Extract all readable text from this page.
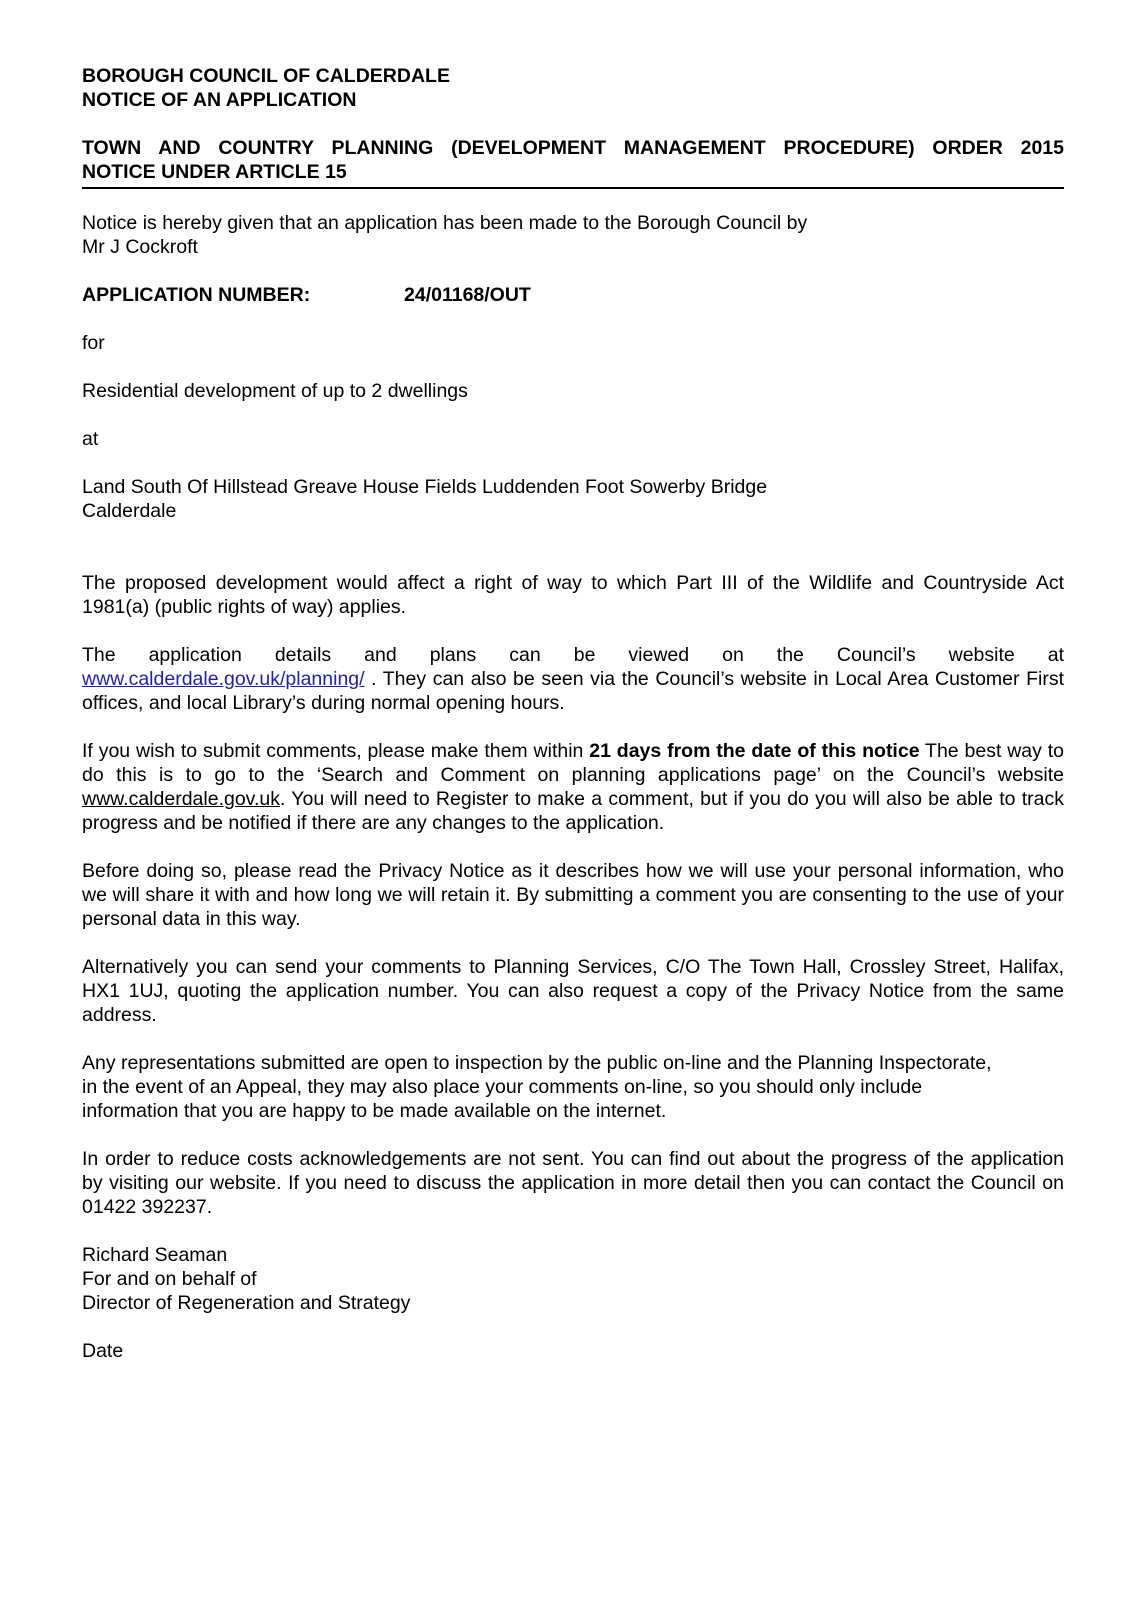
BOROUGH COUNCIL OF CALDERDALE
NOTICE OF AN APPLICATION
TOWN AND COUNTRY PLANNING (DEVELOPMENT MANAGEMENT PROCEDURE) ORDER 2015
NOTICE UNDER ARTICLE 15

Notice is hereby given that an application has been made to the Borough Council by
Mr J Cockroft

APPLICATION NUMBER:	24/01168/OUT

for

Residential development of up to 2 dwellings

at

Land South Of Hillstead Greave House Fields Luddenden Foot Sowerby Bridge
Calderdale

The proposed development would affect a right of way to which Part III of the Wildlife and Countryside Act 1981(a) (public rights of way) applies.

The application details and plans can be viewed on the Council’s website at
www.calderdale.gov.uk/planning/ . They can also be seen via the Council’s website in Local Area Customer First offices, and local Library’s during normal opening hours.

If you wish to submit comments, please make them within 21 days from the date of this notice The best way to do this is to go to the ‘Search and Comment on planning applications page’ on the Council’s website www.calderdale.gov.uk. You will need to Register to make a comment, but if you do you will also be able to track progress and be notified if there are any changes to the application.

Before doing so, please read the Privacy Notice as it describes how we will use your personal information, who we will share it with and how long we will retain it. By submitting a comment you are consenting to the use of your personal data in this way.

Alternatively you can send your comments to Planning Services, C/O The Town Hall, Crossley Street, Halifax, HX1 1UJ, quoting the application number. You can also request a copy of the Privacy Notice from the same address.

Any representations submitted are open to inspection by the public on-line and the Planning Inspectorate,
in the event of an Appeal, they may also place your comments on-line, so you should only include
information that you are happy to be made available on the internet.

In order to reduce costs acknowledgements are not sent. You can find out about the progress of the application by visiting our website. If you need to discuss the application in more detail then you can contact the Council on 01422 392237.

Richard Seaman
For and on behalf of
Director of Regeneration and Strategy

Date
